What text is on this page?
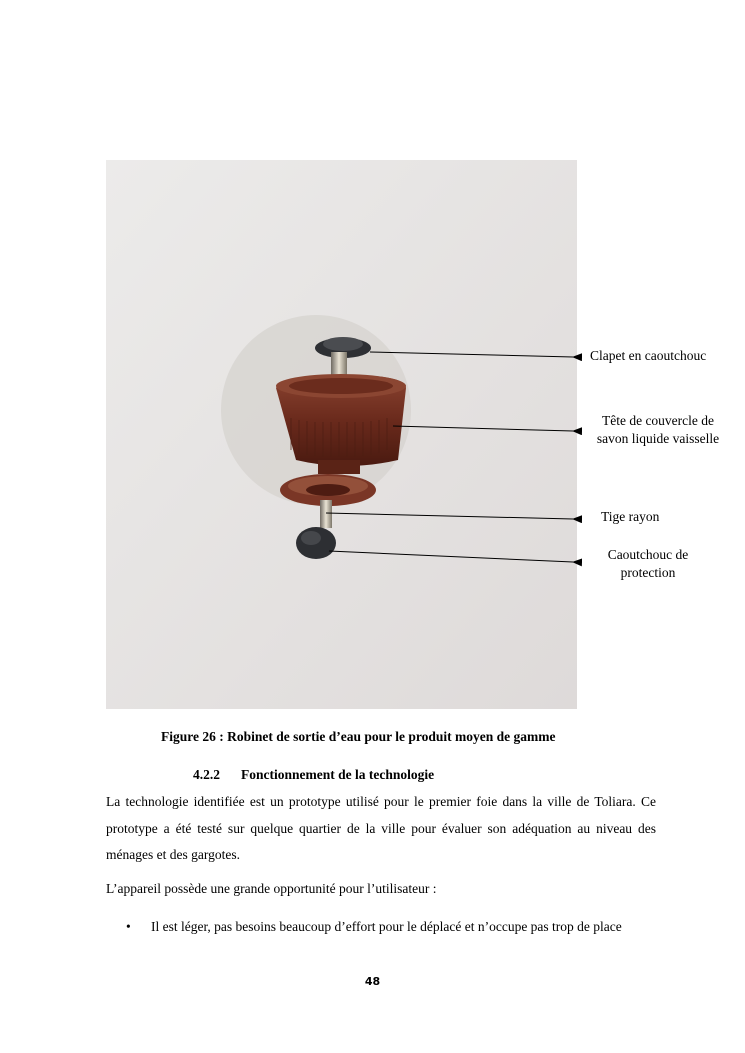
Clapet en caoutchouc
Tête de couvercle de
savon liquide vaisselle
Tige rayon
Caoutchouc de
protection
Figure 26 : Robinet de sortie d’eau pour le produit moyen de gamme
4.2.2 Fonctionnement de la technologie
La technologie identifiée est un prototype utilisé pour le premier foie dans la ville de Toliara. Ce prototype a été testé sur quelque quartier de la ville pour évaluer son adéquation au niveau des ménages et des gargotes.
L’appareil possède une grande opportunité pour l’utilisateur :
• Il est léger, pas besoins beaucoup d’effort pour le déplacé et n’occupe pas trop de place
48
